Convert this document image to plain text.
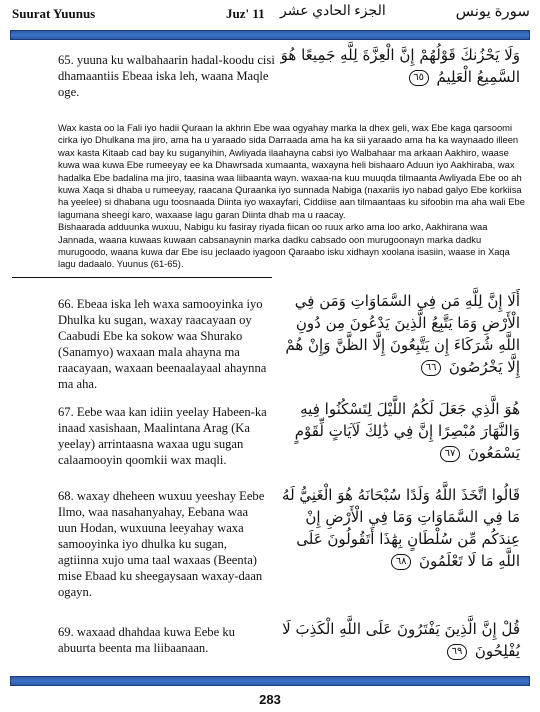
Suurat Yuunus	Juz' 11 الجزء الحادي عشر	سورة يونس
65. yuuna ku walbahaarin hadal-koodu cisi dhamaantiis Ebeaa iska leh, waana Maqle oge.
وَلَا يَحْزُنكَ قَوْلُهُمْ إِنَّ الْعِزَّةَ لِلَّهِ جَمِيعًا هُوَ السَّمِيعُ الْعَلِيمُ ٦٥

Wax kasta oo la Fali iyo hadii Quraan la akhrin Ebe waa ogyahay marka la dhex geli, wax Ebe kaga qarsoomi cirka iyo Dhulkana ma jiro, ama ha u yaraado sida Darraada ama ha ka sii yaraado ama ha ka waynaado illeen wax kasta Kitaab cad bay ku suganyihin, Awliyada ilaahayna cabsi iyo Walbahaar ma arkaan Aakhiro, waase kuwa waa kuwa Ebe rumeeyay ee ka Dhawrsada xumaanta, waxayna heli bishaaro Aduun iyo Aakhiraba, wax hadalka Ebe badalina ma jiro, taasina waa liibaanta wayn. waxaa-na kuu muuqda tilmaanta Awliyada Ebe oo ah kuwa Xaqa si dhaba u rumeeyay, raacana Quraanka iyo sunnada Nabiga (naxariis iyo nabad galyo Ebe korkiisa ha yeelee) si dhabana ugu toosnaada Diinta iyo waxayfari, Ciddiise aan tilmaantaas ku sifoobin ma aha wali Ebe lagumana sheegi karo, waxaase lagu garan Diinta dhab ma u raacay.

Bishaarada adduunka wuxuu, Nabigu ku fasiray riyada fiican oo ruux arko ama loo arko, Aakhirana waa Jannada, waana kuwaas kuwaan cabsanaynin marka dadku cabsado oon murugoonayn marka dadku murugoodo, waana kuwa dar Ebe isu jeclaado iyagoon Qaraabo isku xidhayn xoolana isasiin, waase in Xaqa lagu dadaalo. Yuunus (61-65).

66. Ebeaa iska leh waxa samooyinka iyo Dhulka ku sugan, waxay raacayaan oy Caabudi Ebe ka sokow waa Shurako (Sanamyo) waxaan mala ahayna ma raacayaan, waxaan beenaalayaal ahaynna ma aha.
أَلَا إِنَّ لِلَّهِ مَن فِي السَّمَاوَاتِ وَمَن فِي الْأَرْضِ وَمَا يَتَّبِعُ الَّذِينَ يَدْعُونَ مِن دُونِ اللَّهِ شُرَكَاءَ إِن يَتَّبِعُونَ إِلَّا الظَّنَّ وَإِنْ هُمْ إِلَّا يَخْرُصُونَ ٦٦
67. Eebe waa kan idiin yeelay Habeen-ka inaad xasishaan, Maalintana Arag (Ka yeelay) arrintaasna waxaa ugu sugan calaamooyin qoomkii wax maqli.
هُوَ الَّذِي جَعَلَ لَكُمُ اللَّيْلَ لِتَسْكُنُوا فِيهِ وَالنَّهَارَ مُبْصِرًا إِنَّ فِي ذَٰلِكَ لَآيَاتٍ لِّقَوْمٍ يَسْمَعُونَ ٦٧
68. waxay dheheen wuxuu yeeshay Eebe Ilmo, waa nasahanyahay, Eebana waa uun Hodan, wuxuuna leeyahay waxa samooyinka iyo dhulka ku sugan, agtiinna xujo uma taal waxaas (Beenta) mise Ebaad ku sheegaysaan waxay-daan ogayn.
قَالُوا اتَّخَذَ اللَّهُ وَلَدًا سُبْحَانَهُ هُوَ الْغَنِيُّ لَهُ مَا فِي السَّمَاوَاتِ وَمَا فِي الْأَرْضِ إِنْ عِندَكُم مِّن سُلْطَانٍ بِهَٰذَا أَتَقُولُونَ عَلَى اللَّهِ مَا لَا تَعْلَمُونَ ٦٨
69. waxaad dhahdaa kuwa Eebe ku abuurta beenta ma liibaanaan.
قُلْ إِنَّ الَّذِينَ يَفْتَرُونَ عَلَى اللَّهِ الْكَذِبَ لَا يُفْلِحُونَ ٦٩
283
